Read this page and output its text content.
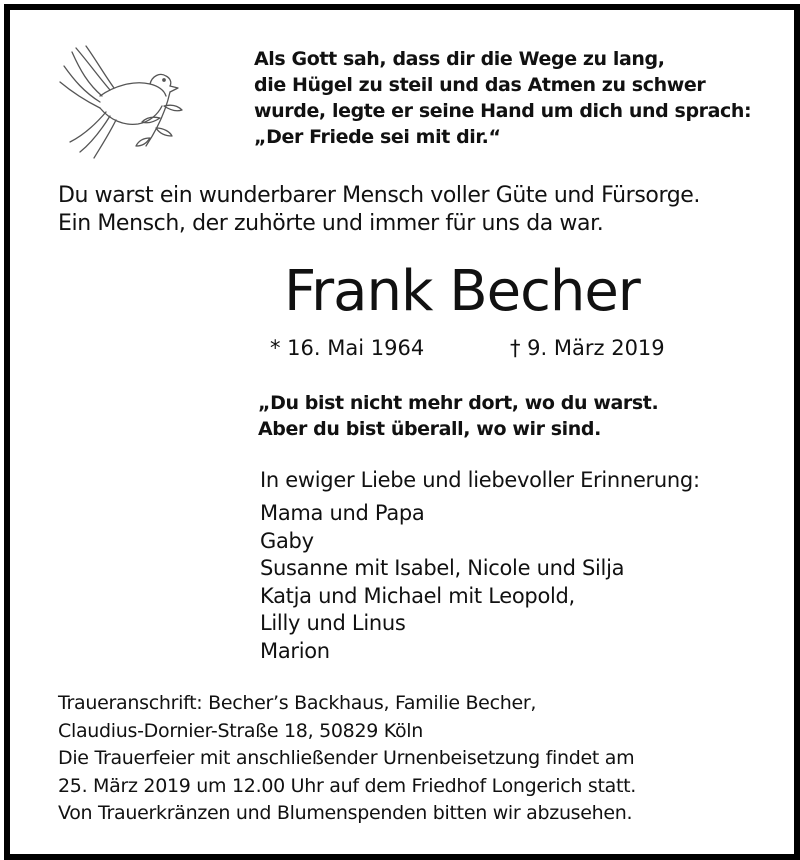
Als Gott sah, dass dir die Wege zu lang,
die Hügel zu steil und das Atmen zu schwer
wurde, legte er seine Hand um dich und sprach:
„Der Friede sei mit dir.“
Du warst ein wunderbarer Mensch voller Güte und Fürsorge.
Ein Mensch, der zuhörte und immer für uns da war.
Frank Becher
* 16. Mai 1964	† 9. März 2019
„Du bist nicht mehr dort, wo du warst.
Aber du bist überall, wo wir sind.
In ewiger Liebe und liebevoller Erinnerung:
Mama und Papa
Gaby
Susanne mit Isabel, Nicole und Silja
Katja und Michael mit Leopold,
Lilly und Linus
Marion
Traueranschrift: Becher’s Backhaus, Familie Becher,
Claudius-Dornier-Straße 18, 50829 Köln
Die Trauerfeier mit anschließender Urnenbeisetzung findet am
25. März 2019 um 12.00 Uhr auf dem Friedhof Longerich statt.
Von Trauerkränzen und Blumenspenden bitten wir abzusehen.
